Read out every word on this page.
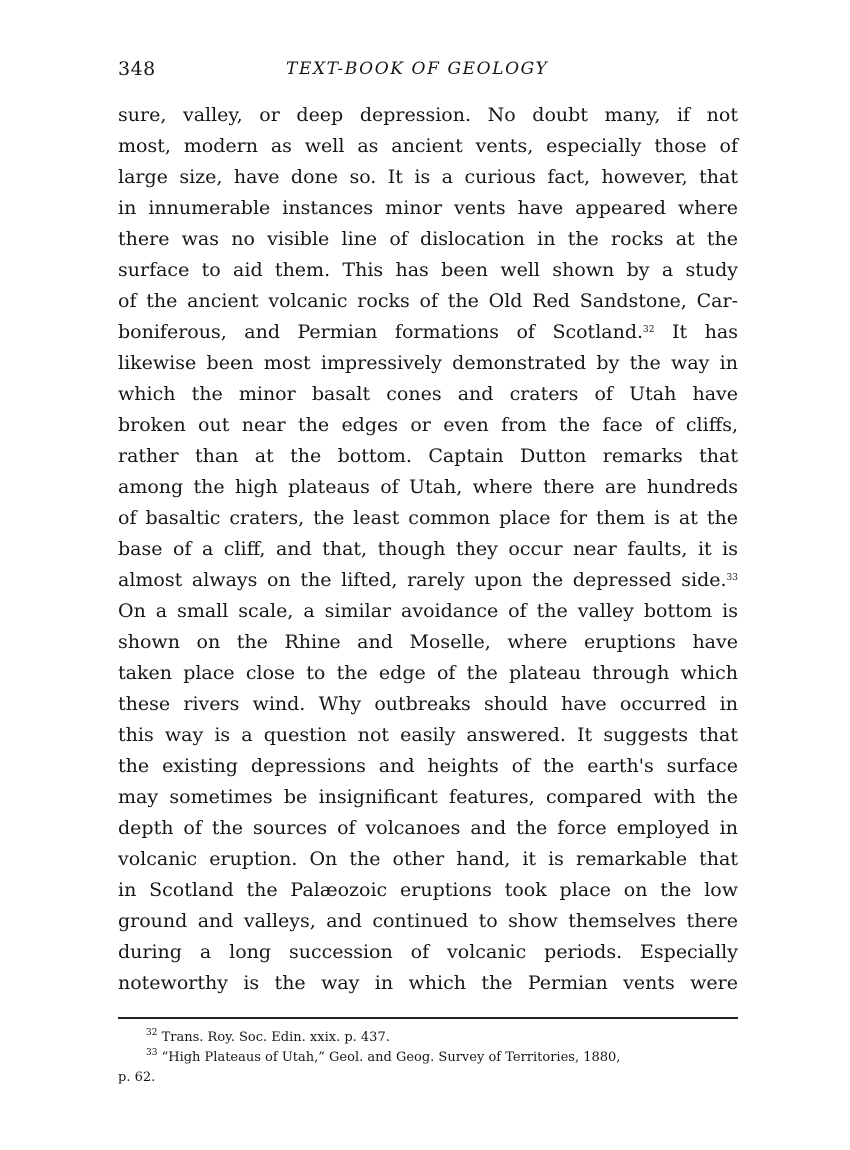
348	TEXT-BOOK OF GEOLOGY
sure, valley, or deep depression. No doubt many, if not
most, modern as well as ancient vents, especially those of
large size, have done so. It is a curious fact, however, that
in innumerable instances minor vents have appeared where
there was no visible line of dislocation in the rocks at the
surface to aid them. This has been well shown by a study
of the ancient volcanic rocks of the Old Red Sandstone, Car-
boniferous, and Permian formations of Scotland.$^{32}$ It has
likewise been most impressively demonstrated by the way in
which the minor basalt cones and craters of Utah have
broken out near the edges or even from the face of cliffs,
rather than at the bottom. Captain Dutton remarks that
among the high plateaus of Utah, where there are hundreds
of basaltic craters, the least common place for them is at the
base of a cliff, and that, though they occur near faults, it is
almost always on the lifted, rarely upon the depressed side.$^{33}$
On a small scale, a similar avoidance of the valley bottom is
shown on the Rhine and Moselle, where eruptions have
taken place close to the edge of the plateau through which
these rivers wind. Why outbreaks should have occurred in
this way is a question not easily answered. It suggests that
the existing depressions and heights of the earth's surface
may sometimes be insignificant features, compared with the
depth of the sources of volcanoes and the force employed in
volcanic eruption. On the other hand, it is remarkable that
in Scotland the Palæozoic eruptions took place on the low
ground and valleys, and continued to show themselves there
during a long succession of volcanic periods. Especially
noteworthy is the way in which the Permian vents were
$^{32}$ Trans. Roy. Soc. Edin. xxix. p. 437.
$^{33}$ “High Plateaus of Utah,” Geol. and Geog. Survey of Territories, 1880,
p. 62.
